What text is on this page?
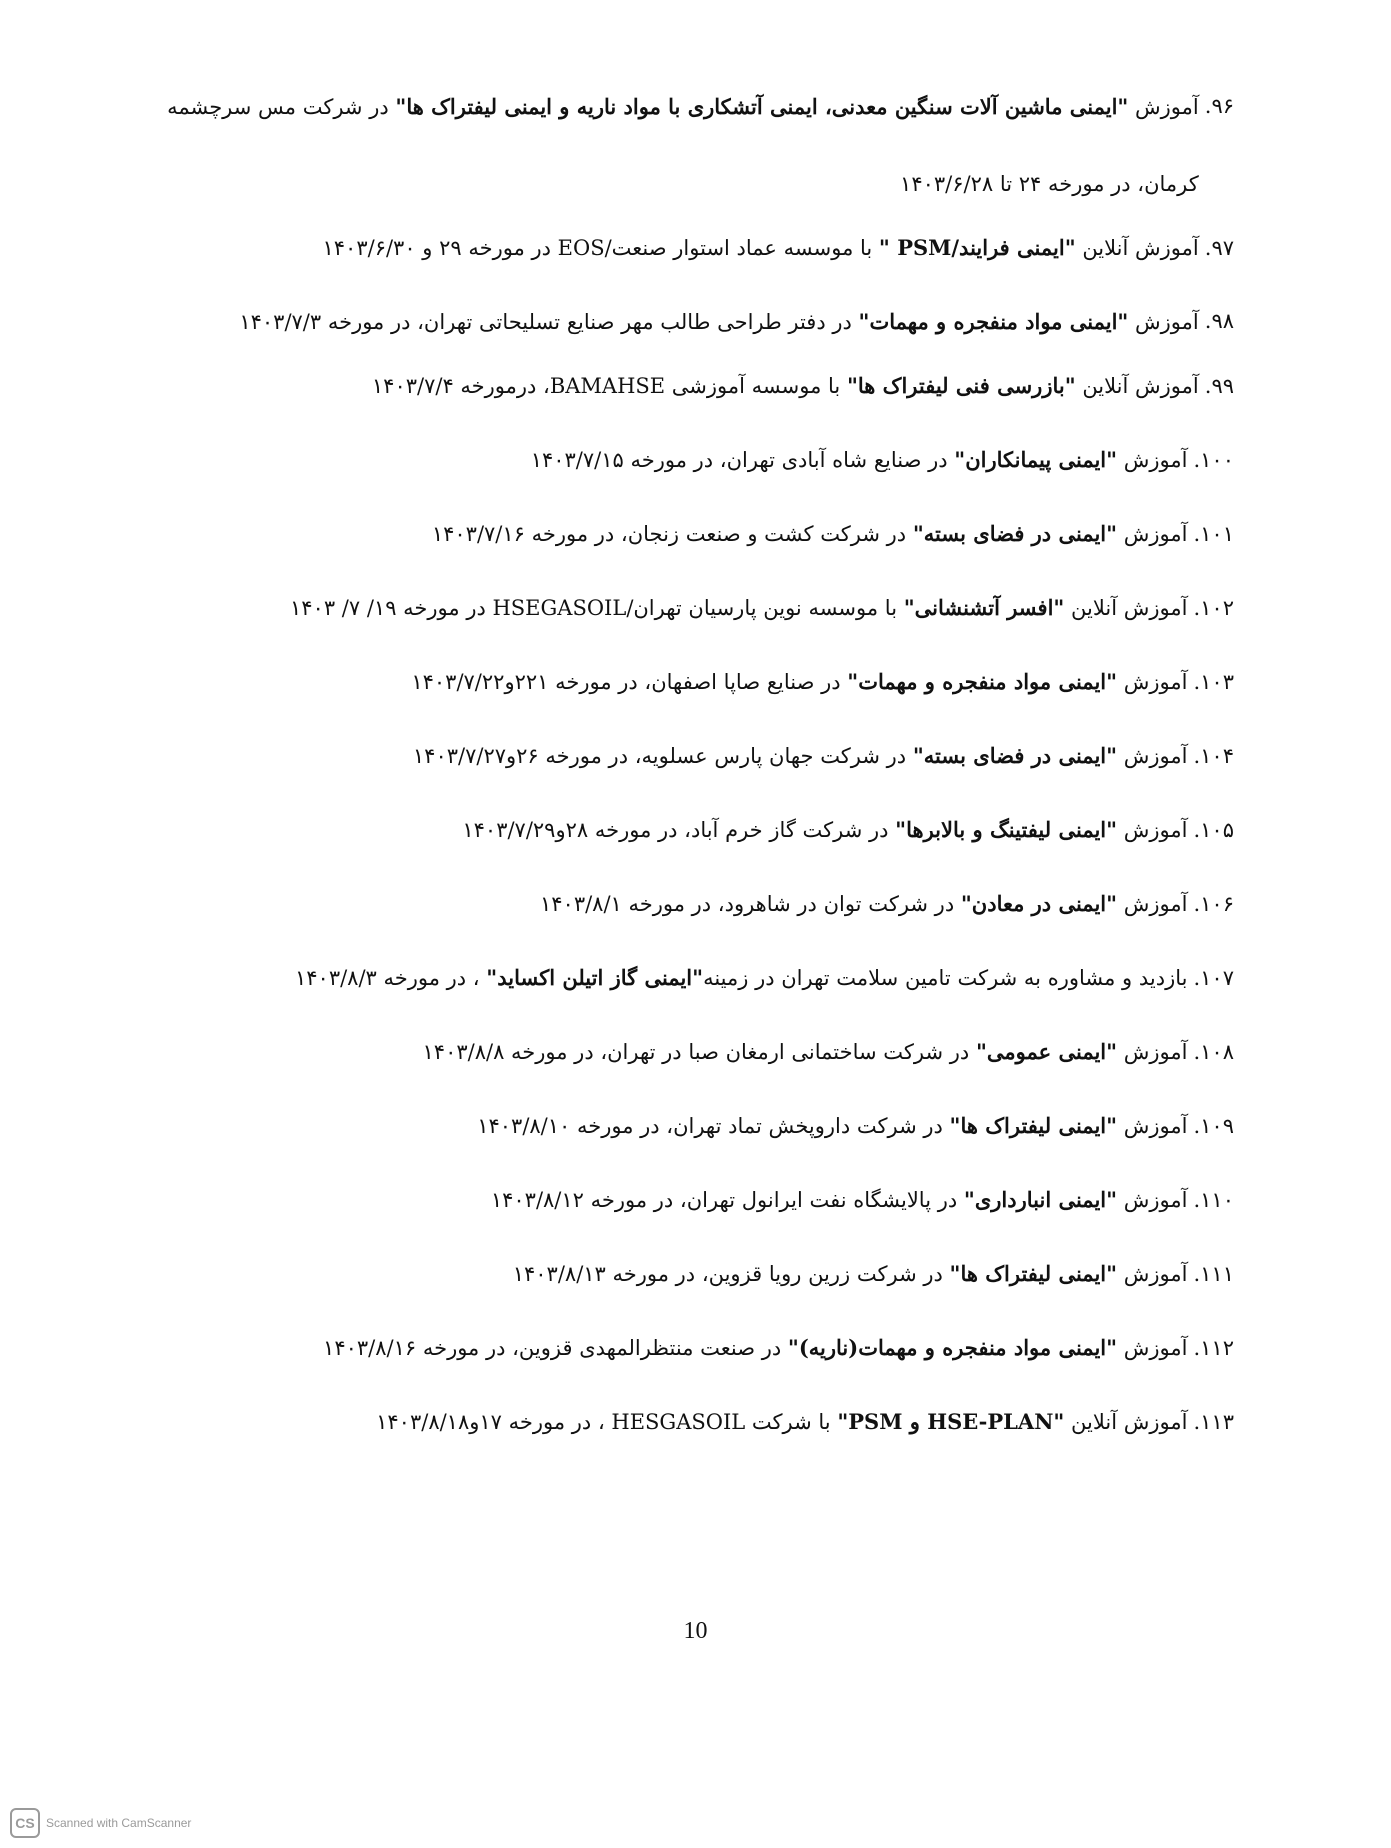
۹۶.
آموزش "ایمنی ماشین آلات سنگین معدنی، ایمنی آتشکاری با مواد ناریه و ایمنی لیفتراک ها" در شرکت مس سرچشمه کرمان، در مورخه ۲۴ تا ۱۴۰۳/۶/۲۸
۹۷.
آموزش آنلاین "ایمنی فرایند/PSM " با موسسه عماد استوار صنعت/EOS در مورخه ۲۹ و ۱۴۰۳/۶/۳۰
۹۸.
آموزش "ایمنی مواد منفجره و مهمات" در دفتر طراحی طالب مهر صنایع تسلیحاتی تهران، در مورخه ۱۴۰۳/۷/۳
۹۹.
آموزش آنلاین "بازرسی فنی لیفتراک ها" با موسسه آموزشی BAMAHSE، درمورخه ۱۴۰۳/۷/۴
۱۰۰.
آموزش "ایمنی پیمانکاران" در صنایع شاه آبادی تهران، در مورخه ۱۴۰۳/۷/۱۵
۱۰۱.
آموزش "ایمنی در فضای بسته" در شرکت کشت و صنعت زنجان، در مورخه ۱۴۰۳/۷/۱۶
۱۰۲.
آموزش آنلاین "افسر آتشنشانی" با موسسه نوین پارسیان تهران/HSEGASOIL در مورخه ۱۹/ ۷/ ۱۴۰۳
۱۰۳.
آموزش "ایمنی مواد منفجره و مهمات" در صنایع صاپا اصفهان، در مورخه ۲۲۱و۱۴۰۳/۷/۲۲
۱۰۴.
آموزش "ایمنی در فضای بسته" در شرکت جهان پارس عسلویه، در مورخه ۲۶و۱۴۰۳/۷/۲۷
۱۰۵.
آموزش "ایمنی لیفتینگ و بالابرها" در شرکت گاز خرم آباد، در مورخه ۲۸و۱۴۰۳/۷/۲۹
۱۰۶.
آموزش "ایمنی در معادن" در شرکت توان در شاهرود، در مورخه ۱۴۰۳/۸/۱
۱۰۷.
بازدید و مشاوره به شرکت تامین سلامت تهران در زمینه"ایمنی گاز اتیلن اکساید" ، در مورخه ۱۴۰۳/۸/۳
۱۰۸.
آموزش "ایمنی عمومی" در شرکت ساختمانی ارمغان صبا در تهران، در مورخه ۱۴۰۳/۸/۸
۱۰۹.
آموزش "ایمنی لیفتراک ها" در شرکت داروپخش تماد تهران، در مورخه ۱۴۰۳/۸/۱۰
۱۱۰.
آموزش "ایمنی انبارداری" در پالایشگاه نفت ایرانول تهران، در مورخه ۱۴۰۳/۸/۱۲
۱۱۱.
آموزش "ایمنی لیفتراک ها" در شرکت زرین رویا قزوین، در مورخه ۱۴۰۳/۸/۱۳
۱۱۲.
آموزش "ایمنی مواد منفجره و مهمات(ناریه)" در صنعت منتظرالمهدی قزوین، در مورخه ۱۴۰۳/۸/۱۶
۱۱۳.
آموزش آنلاین "HSE-PLAN و PSM" با شرکت HESGASOIL ، در مورخه ۱۷و۱۴۰۳/۸/۱۸
10
CS Scanned with CamScanner
